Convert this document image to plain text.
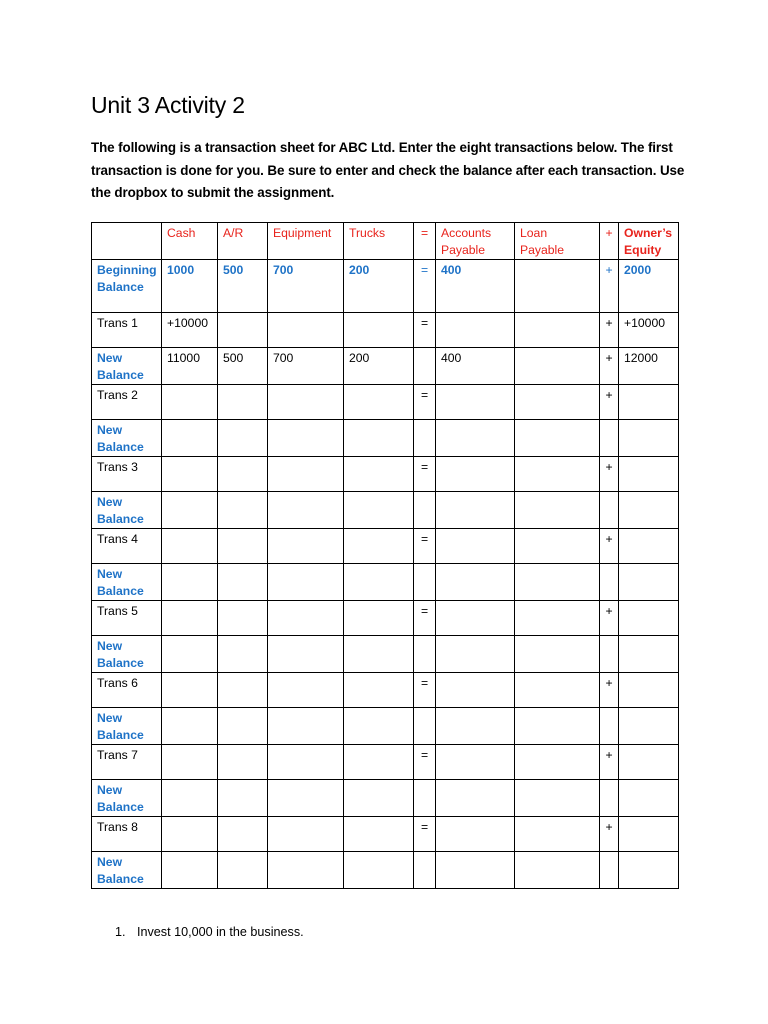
Unit 3 Activity 2
The following is a transaction sheet for ABC Ltd. Enter the eight transactions below. The first transaction is done for you. Be sure to enter and check the balance after each transaction. Use the dropbox to submit the assignment.
	Cash	A/R	Equipment	Trucks	=	Accounts Payable	Loan Payable	+	Owner’s Equity
Beginning Balance	1000	500	700	200	=	400		+	2000
Trans 1	+10000				=			+	+10000
New Balance	11000	500	700	200		400		+	12000
Trans 2					=			+	
New Balance									
Trans 3					=			+	
New Balance									
Trans 4					=			+	
New Balance									
Trans 5					=			+	
New Balance									
Trans 6					=			+	
New Balance									
Trans 7					=			+	
New Balance									
Trans 8					=			+	
New Balance									
1. Invest 10,000 in the business.
